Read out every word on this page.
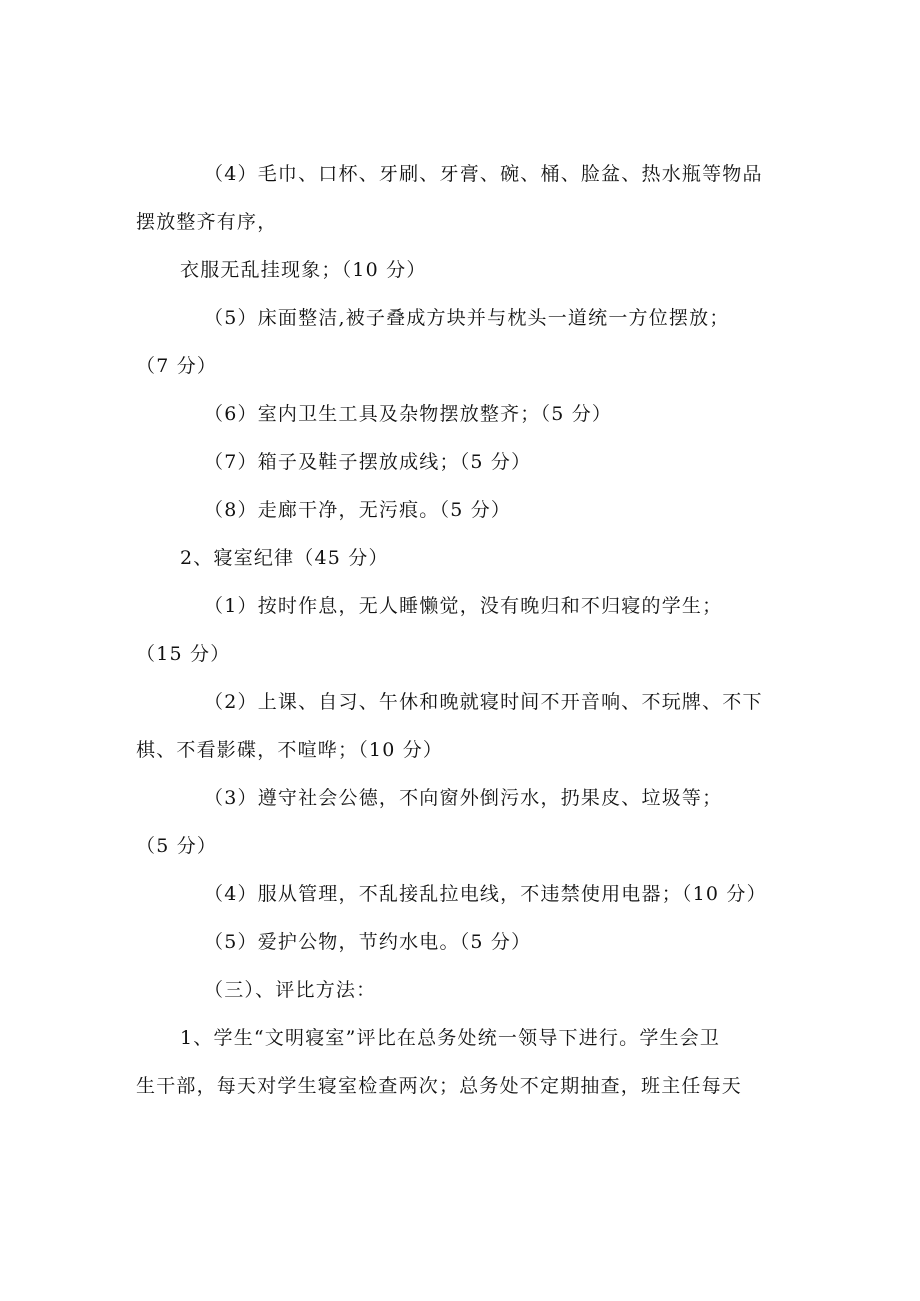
（4）毛巾、口杯、牙刷、牙膏、碗、桶、脸盆、热水瓶等物品
摆放整齐有序，
衣服无乱挂现象；（10 分）
（5）床面整洁,被子叠成方块并与枕头一道统一方位摆放；
（7 分）
（6）室内卫生工具及杂物摆放整齐；（5 分）
（7）箱子及鞋子摆放成线；（5 分）
（8）走廊干净，无污痕。（5 分）
2、寝室纪律（45 分）
（1）按时作息，无人睡懒觉，没有晚归和不归寝的学生；
（15 分）
（2）上课、自习、午休和晚就寝时间不开音响、不玩牌、不下
棋、不看影碟，不喧哗；（10 分）
（3）遵守社会公德，不向窗外倒污水，扔果皮、垃圾等；
（5 分）
（4）服从管理，不乱接乱拉电线，不违禁使用电器；（10 分）
（5）爱护公物，节约水电。（5 分）
（三）、评比方法：
1、学生“文明寝室”评比在总务处统一领导下进行。学生会卫
生干部，每天对学生寝室检查两次；总务处不定期抽查，班主任每天
